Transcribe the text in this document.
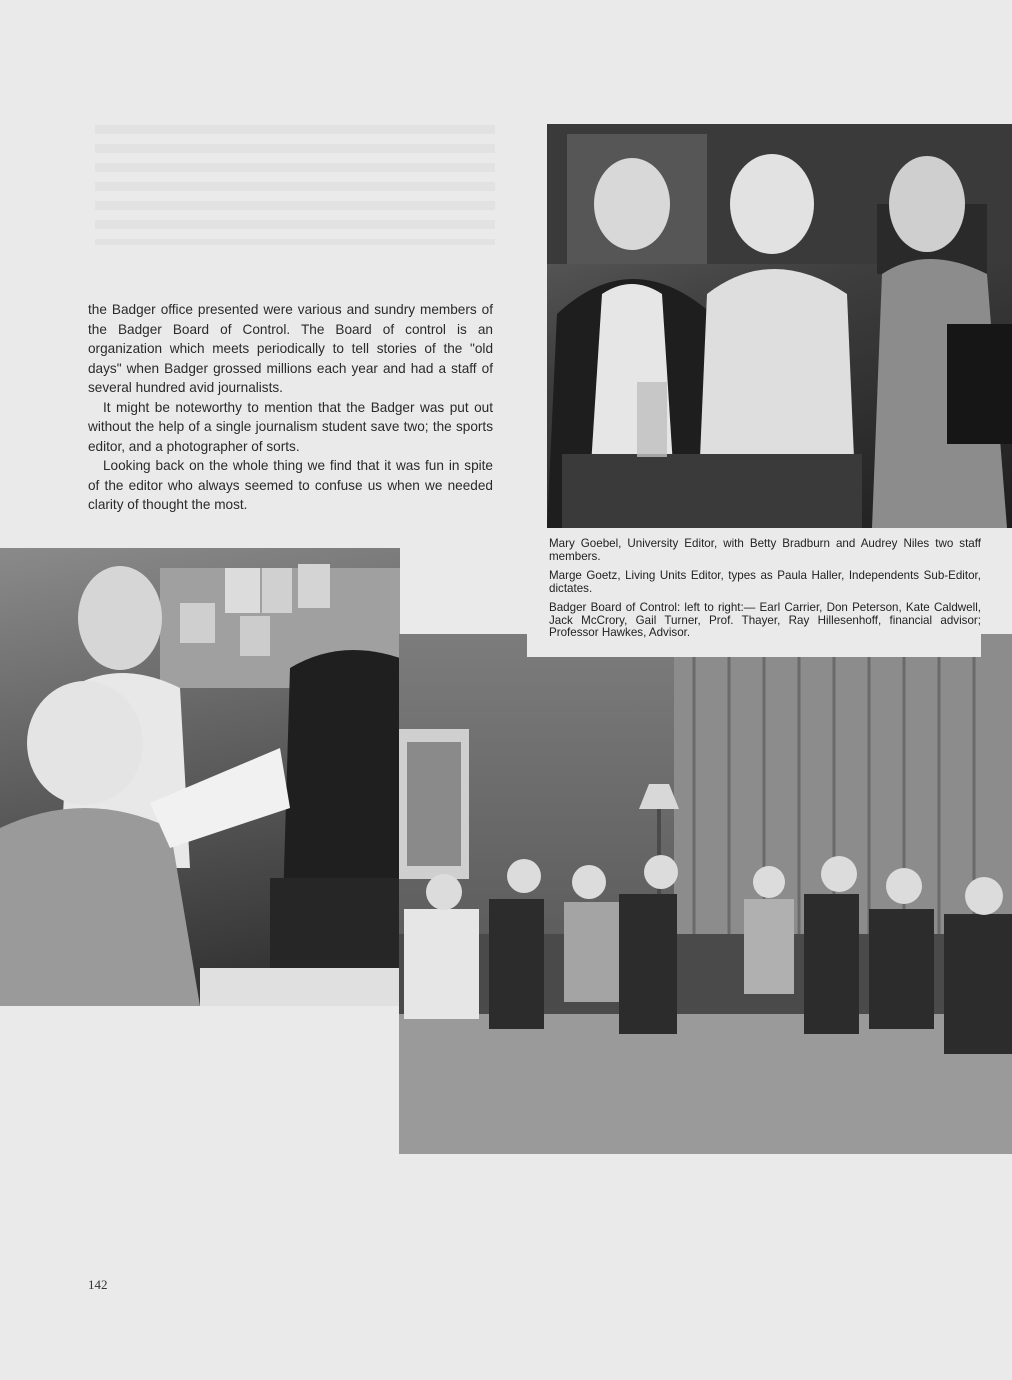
the Badger office presented were various and sundry members of the Badger Board of Control. The Board of control is an organization which meets periodically to tell stories of the "old days" when Badger grossed millions each year and had a staff of several hundred avid journalists.

It might be noteworthy to mention that the Badger was put out without the help of a single journalism student save two; the sports editor, and a photographer of sorts.

Looking back on the whole thing we find that it was fun in spite of the editor who always seemed to confuse us when we needed clarity of thought the most.

Mary Goebel, University Editor, with Betty Bradburn and Audrey Niles two staff members.

Marge Goetz, Living Units Editor, types as Paula Haller, Independents Sub-Editor, dictates.

Badger Board of Control: left to right:— Earl Carrier, Don Peterson, Kate Caldwell, Jack McCrory, Gail Turner, Prof. Thayer, Ray Hillesenhoff, financial advisor; Professor Hawkes, Advisor.

142
